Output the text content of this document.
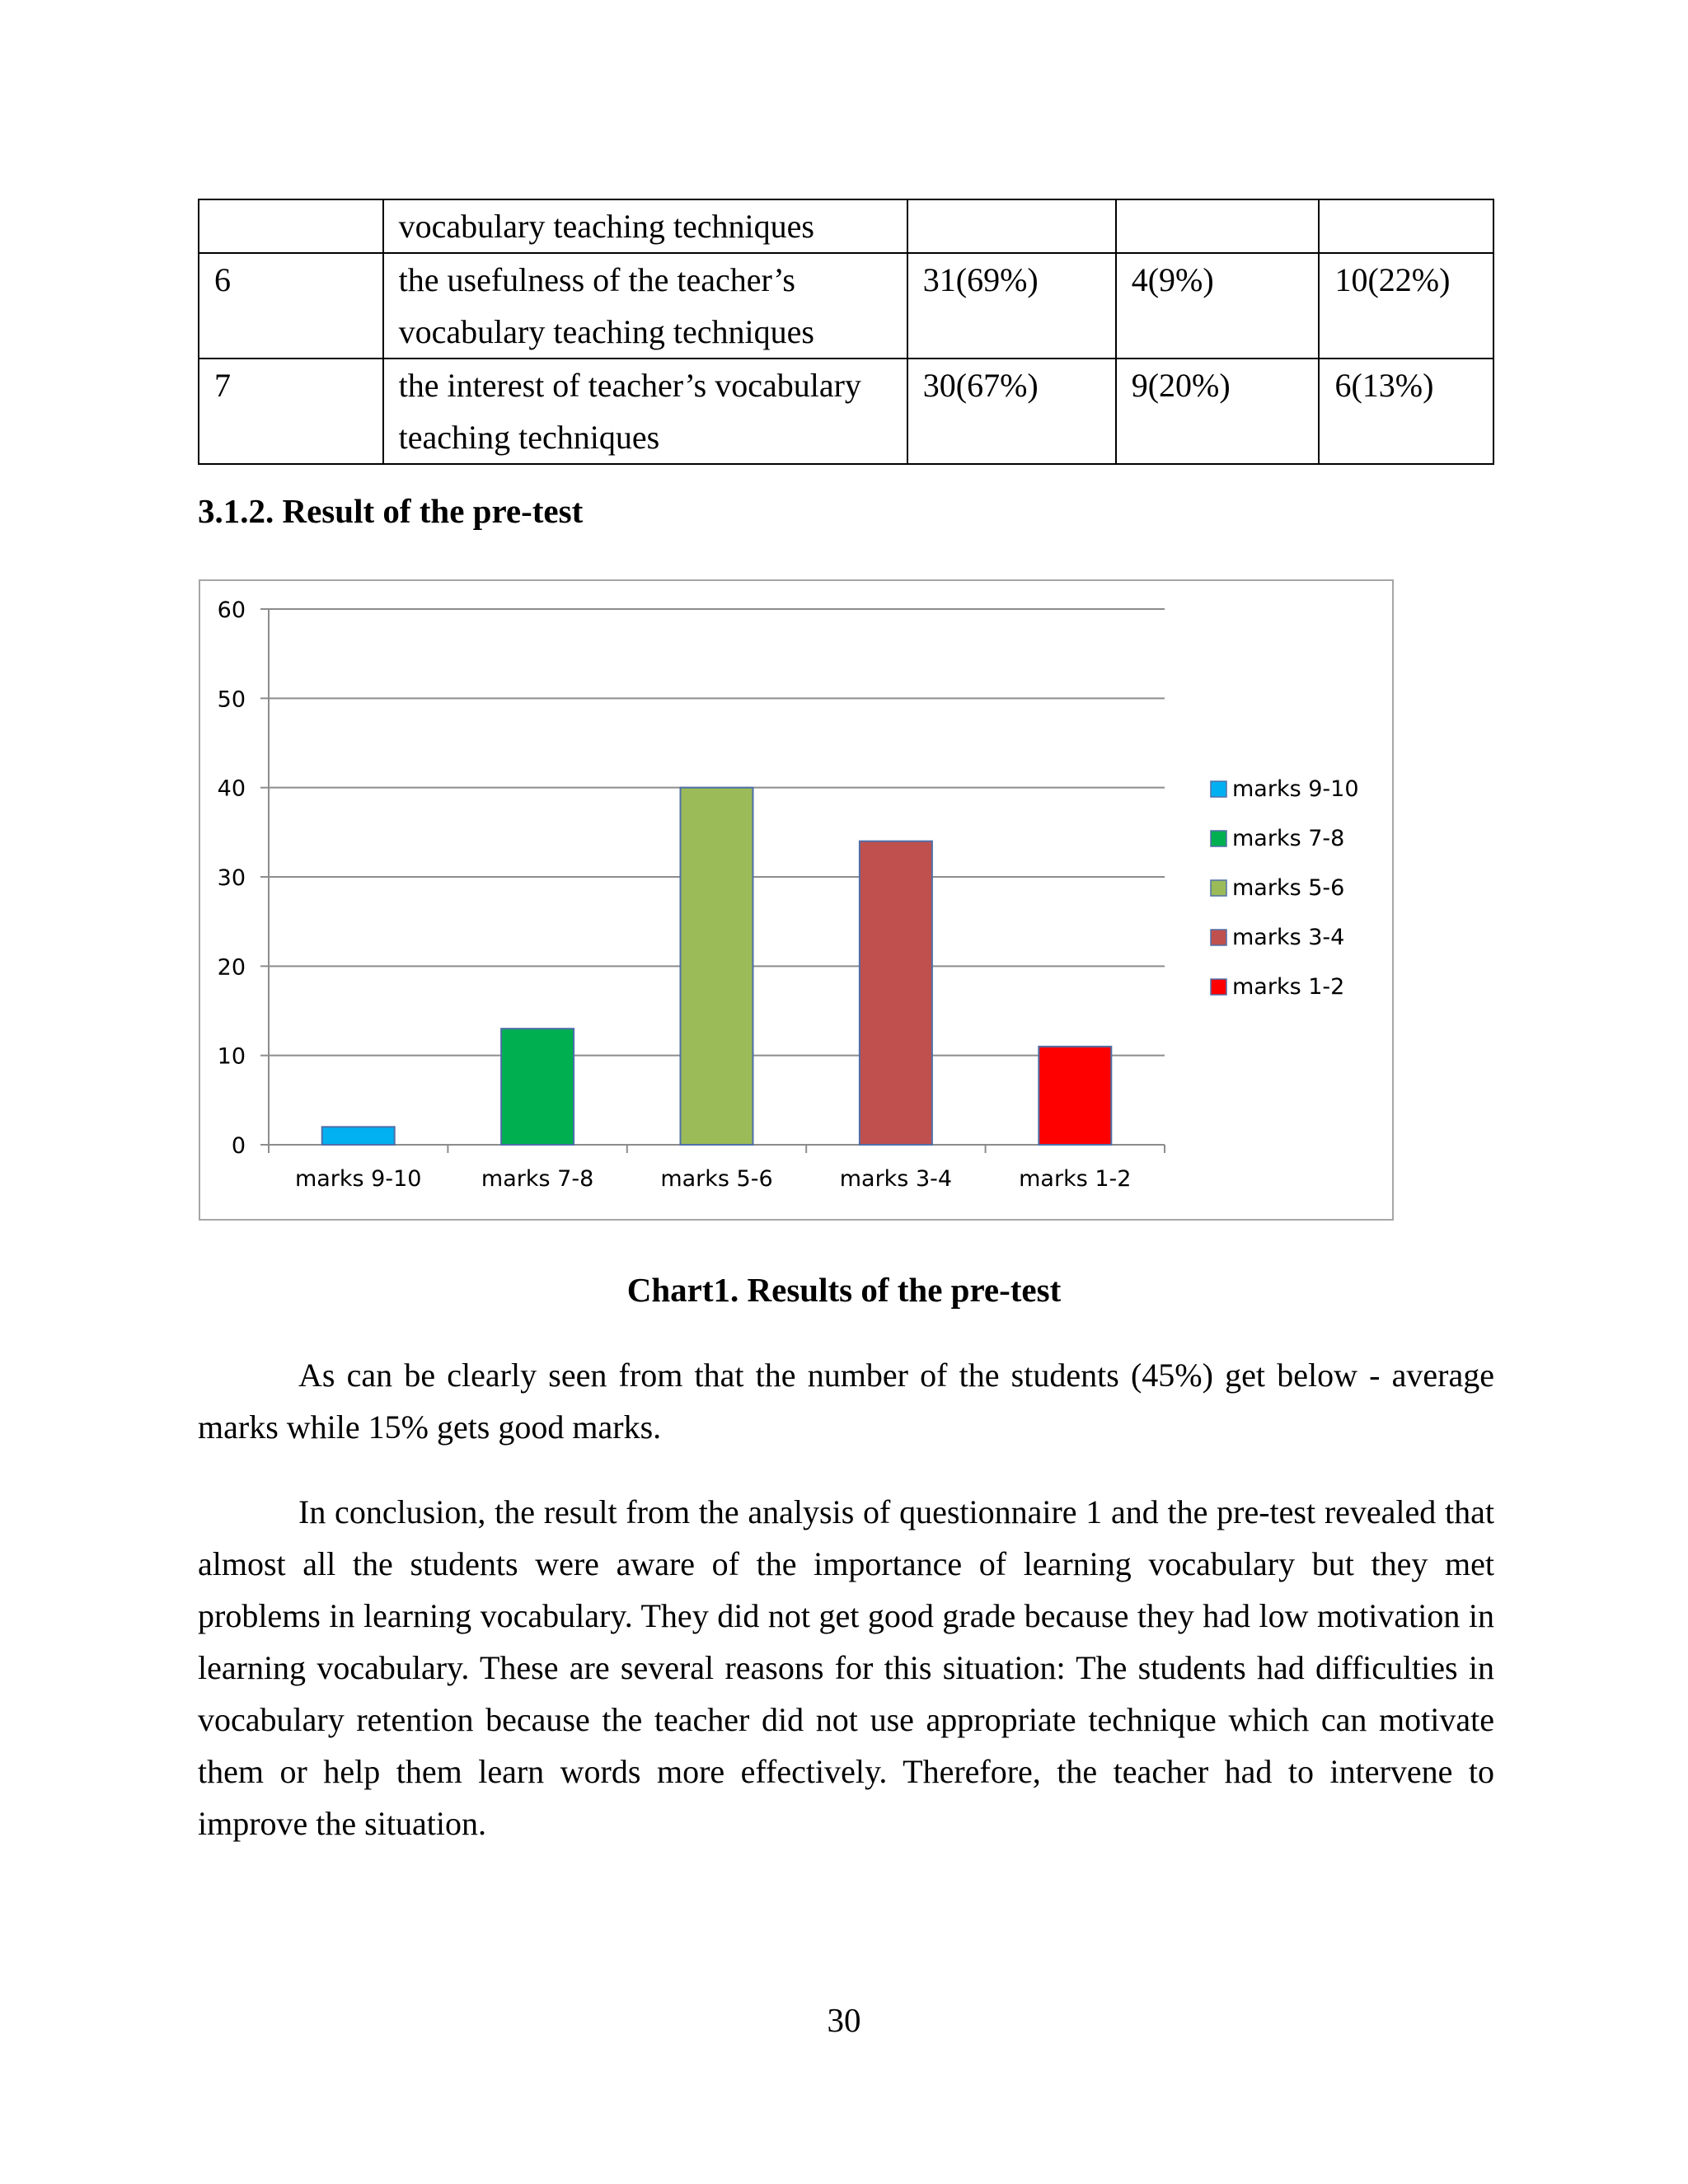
	vocabulary teaching techniques			
6	the usefulness of the teacher’s vocabulary teaching techniques	31(69%)	4(9%)	10(22%)
7	the interest of teacher’s vocabulary teaching techniques	30(67%)	9(20%)	6(13%)
3.1.2. Result of the pre-test
0
10
20
30
40
50
60
marks 9-10	marks 7-8	marks 5-6	marks 3-4	marks 1-2
marks 9-10
marks 7-8
marks 5-6
marks 3-4
marks 1-2

Chart1. Results of the pre-test

As can be clearly seen from that the number of the students (45%) get below - average marks while 15% gets good marks.

In conclusion, the result from the analysis of questionnaire 1 and the pre-test revealed that almost all the students were aware of the importance of learning vocabulary but they met problems in learning vocabulary. They did not get good grade because they had low motivation in learning vocabulary. These are several reasons for this situation: The students had difficulties in vocabulary retention because the teacher did not use appropriate technique which can motivate them or help them learn words more effectively. Therefore, the teacher had to intervene to improve the situation.

30
